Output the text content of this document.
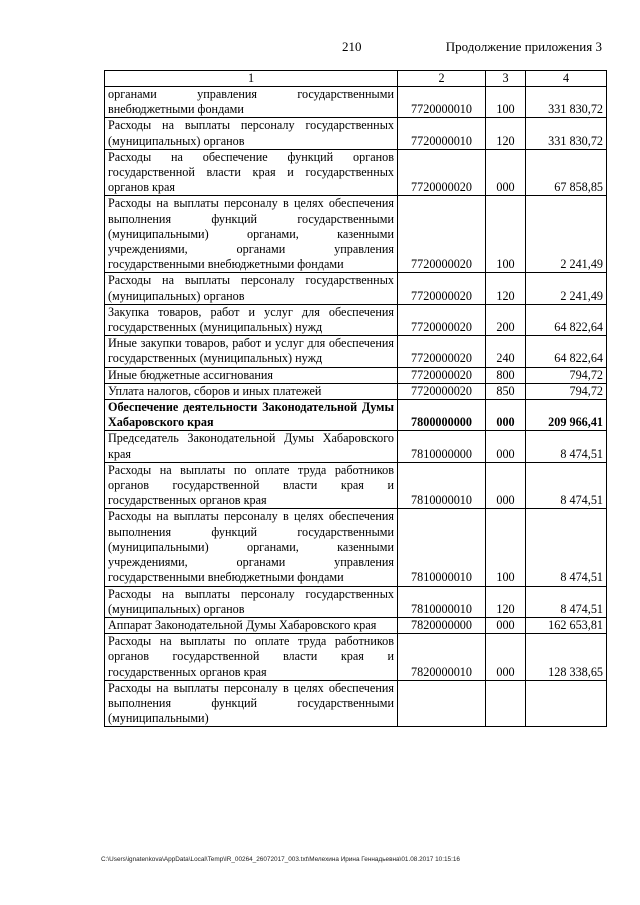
210	Продолжение приложения 3
1	2	3	4
органами управления государственными внебюджетными фондами	7720000010	100	331 830,72
Расходы на выплаты персоналу государственных (муниципальных) органов	7720000010	120	331 830,72
Расходы на обеспечение функций органов государственной власти края и государственных органов края	7720000020	000	67 858,85
Расходы на выплаты персоналу в целях обеспечения выполнения функций государственными (муниципальными) органами, казенными учреждениями, органами управления государственными внебюджетными фондами	7720000020	100	2 241,49
Расходы на выплаты персоналу государственных (муниципальных) органов	7720000020	120	2 241,49
Закупка товаров, работ и услуг для обеспечения государственных (муниципальных) нужд	7720000020	200	64 822,64
Иные закупки товаров, работ и услуг для обеспечения государственных (муниципальных) нужд	7720000020	240	64 822,64
Иные бюджетные ассигнования	7720000020	800	794,72
Уплата налогов, сборов и иных платежей	7720000020	850	794,72
Обеспечение деятельности Законодательной Думы Хабаровского края	7800000000	000	209 966,41
Председатель Законодательной Думы Хабаровского края	7810000000	000	8 474,51
Расходы на выплаты по оплате труда работников органов государственной власти края и государственных органов края	7810000010	000	8 474,51
Расходы на выплаты персоналу в целях обеспечения выполнения функций государственными (муниципальными) органами, казенными учреждениями, органами управления государственными внебюджетными фондами	7810000010	100	8 474,51
Расходы на выплаты персоналу государственных (муниципальных) органов	7810000010	120	8 474,51
Аппарат Законодательной Думы Хабаровского края	7820000000	000	162 653,81
Расходы на выплаты по оплате труда работников органов государственной власти края и государственных органов края	7820000010	000	128 338,65
Расходы на выплаты персоналу в целях обеспечения выполнения функций государственными (муниципальными)			
C:\Users\ignatenkova\AppData\Local\Temp\IR_00264_26072017_003.txt\Мелехина Ирина Геннадьевна\01.08.2017 10:15:16
